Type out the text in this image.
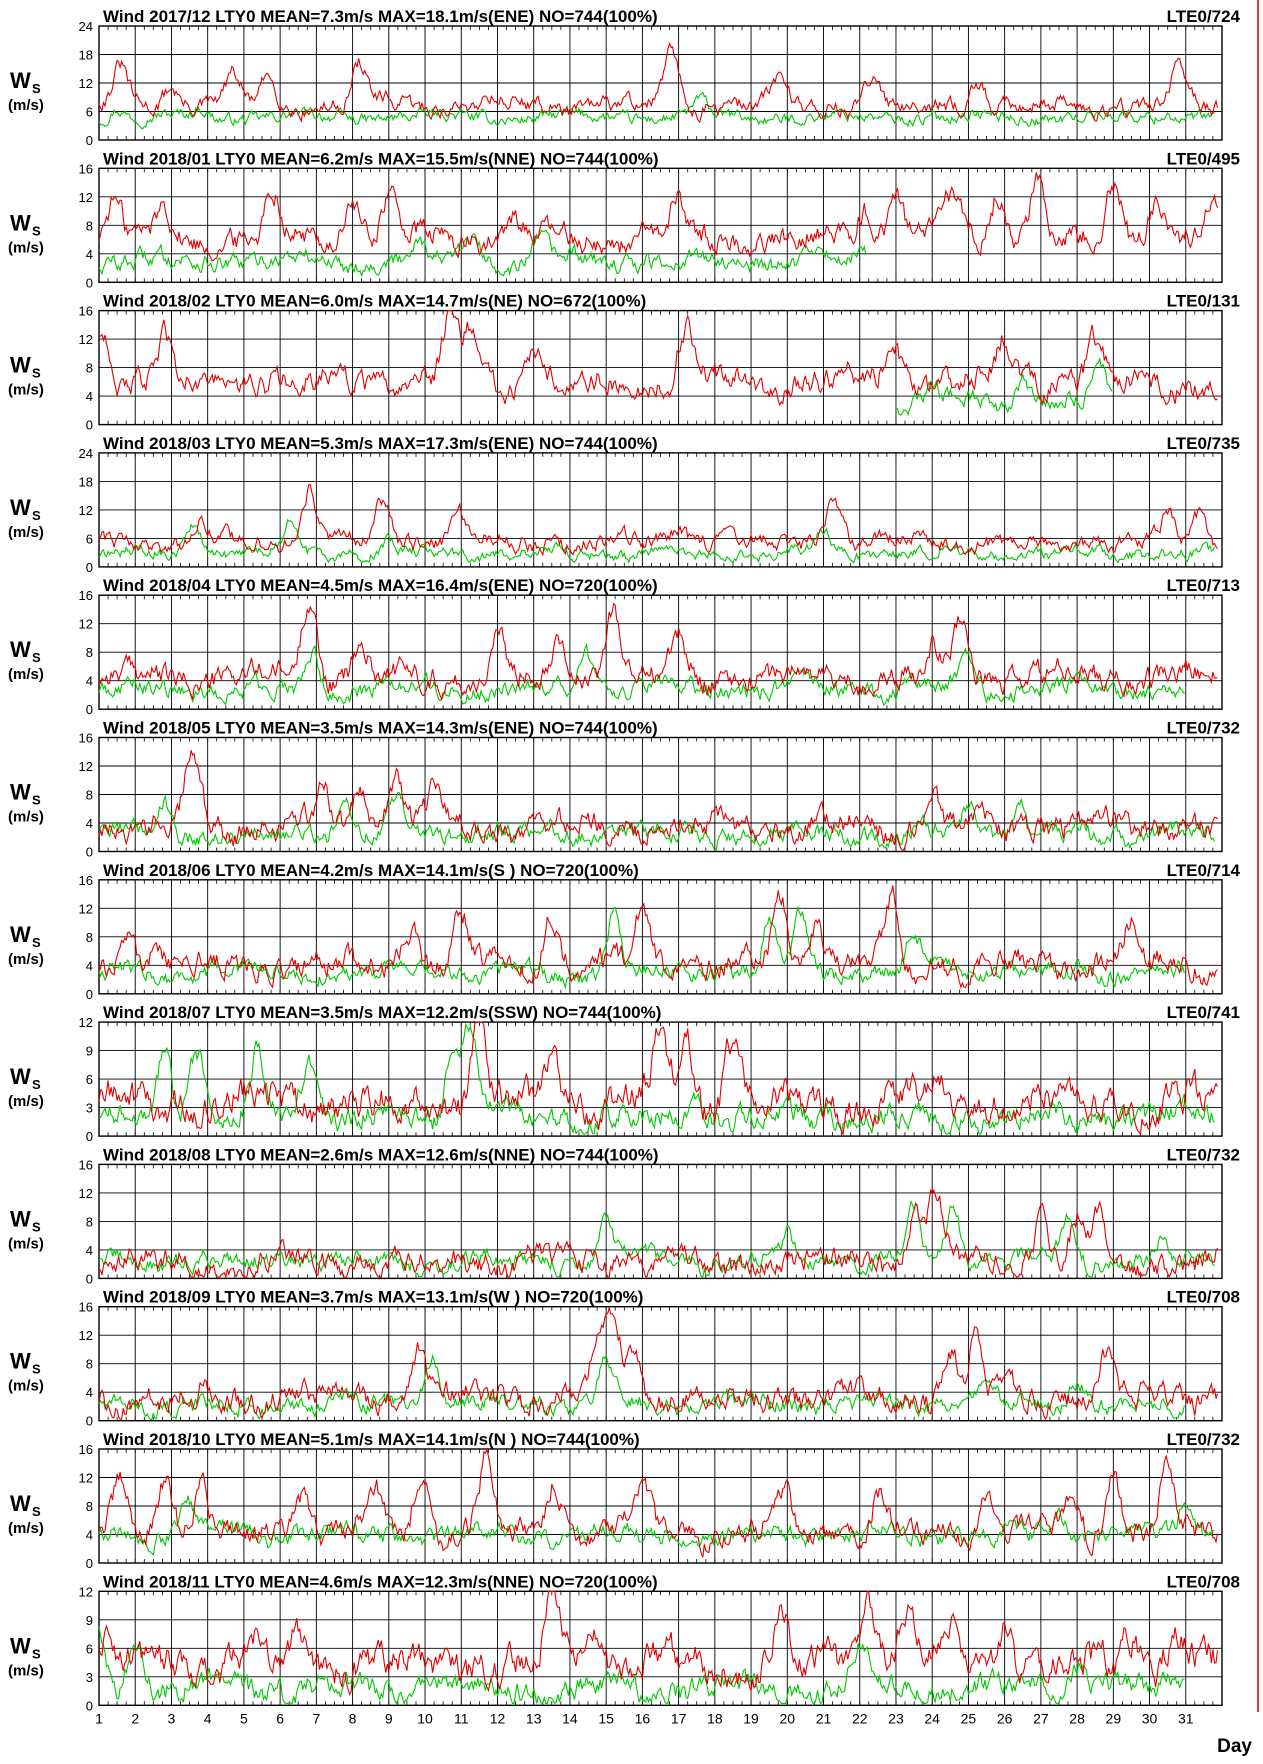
0
6
12
18
24
W S
(m/s)
Wind 2017/12 LTY0 MEAN=7.3m/s MAX=18.1m/s(ENE) NO=744(100%)	LTE0/724
0
4
8
12
16
W S
(m/s)
Wind 2018/01 LTY0 MEAN=6.2m/s MAX=15.5m/s(NNE) NO=744(100%)	LTE0/495
0
4
8
12
16
W S
(m/s)
Wind 2018/02 LTY0 MEAN=6.0m/s MAX=14.7m/s(NE) NO=672(100%)	LTE0/131
0
6
12
18
24
W S
(m/s)
Wind 2018/03 LTY0 MEAN=5.3m/s MAX=17.3m/s(ENE) NO=744(100%)	LTE0/735
0
4
8
12
16
W S
(m/s)
Wind 2018/04 LTY0 MEAN=4.5m/s MAX=16.4m/s(ENE) NO=720(100%)	LTE0/713
0
4
8
12
16
W S
(m/s)
Wind 2018/05 LTY0 MEAN=3.5m/s MAX=14.3m/s(ENE) NO=744(100%)	LTE0/732
0
4
8
12
16
W S
(m/s)
Wind 2018/06 LTY0 MEAN=4.2m/s MAX=14.1m/s(S ) NO=720(100%)	LTE0/714
0
3
6
9
12
W S
(m/s)
Wind 2018/07 LTY0 MEAN=3.5m/s MAX=12.2m/s(SSW) NO=744(100%)	LTE0/741
0
4
8
12
16
W S
(m/s)
Wind 2018/08 LTY0 MEAN=2.6m/s MAX=12.6m/s(NNE) NO=744(100%)	LTE0/732
0
4
8
12
16
W S
(m/s)
Wind 2018/09 LTY0 MEAN=3.7m/s MAX=13.1m/s(W ) NO=720(100%)	LTE0/708
0
4
8
12
16
W S
(m/s)
Wind 2018/10 LTY0 MEAN=5.1m/s MAX=14.1m/s(N ) NO=744(100%)	LTE0/732
0
3
6
9
12
W S
(m/s)
Wind 2018/11 LTY0 MEAN=4.6m/s MAX=12.3m/s(NNE) NO=720(100%)	LTE0/708
1 2 3 4 5 6 7 8 9 10 11 12 13 14 15 16 17 18 19 20 21 22 23 24 25 26 27 28 29 30 31
Day
